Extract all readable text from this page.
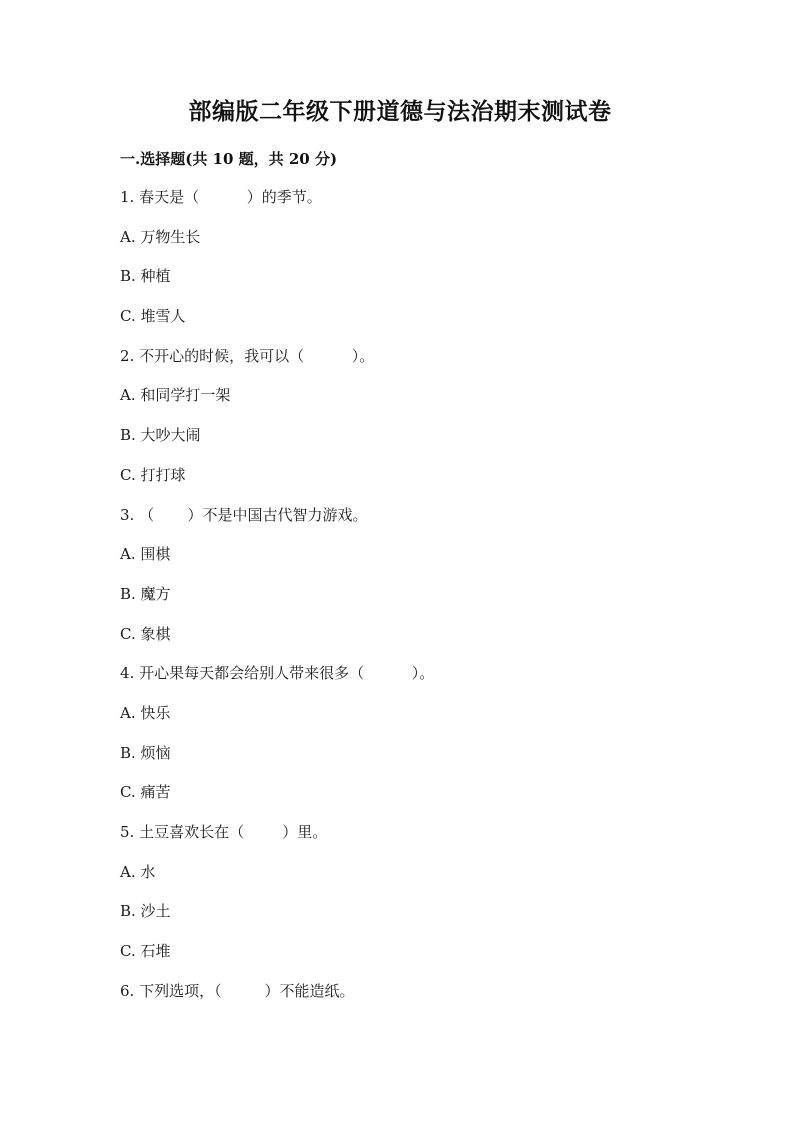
部编版二年级下册道德与法治期末测试卷
一.选择题(共 10 题，共 20 分)
1. 春天是（          ）的季节。
A. 万物生长
B. 种植
C. 堆雪人
2. 不开心的时候，我可以（          ）。
A. 和同学打一架
B. 大吵大闹
C. 打打球
3. （       ）不是中国古代智力游戏。
A. 围棋
B. 魔方
C. 象棋
4. 开心果每天都会给别人带来很多（          ）。
A. 快乐
B. 烦恼
C. 痛苦
5. 土豆喜欢长在（        ）里。
A. 水
B. 沙土
C. 石堆
6. 下列选项，（         ）不能造纸。
